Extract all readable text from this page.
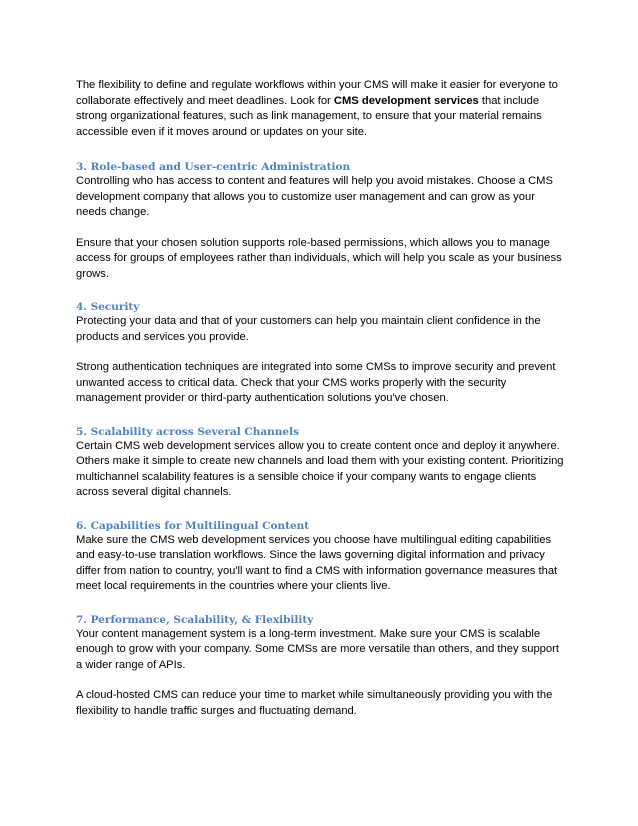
The flexibility to define and regulate workflows within your CMS will make it easier for everyone to collaborate effectively and meet deadlines. Look for CMS development services that include strong organizational features, such as link management, to ensure that your material remains accessible even if it moves around or updates on your site.

3. Role-based and User-centric Administration

Controlling who has access to content and features will help you avoid mistakes. Choose a CMS development company that allows you to customize user management and can grow as your needs change.

Ensure that your chosen solution supports role-based permissions, which allows you to manage access for groups of employees rather than individuals, which will help you scale as your business grows.

4. Security

Protecting your data and that of your customers can help you maintain client confidence in the products and services you provide.

Strong authentication techniques are integrated into some CMSs to improve security and prevent unwanted access to critical data. Check that your CMS works properly with the security management provider or third-party authentication solutions you've chosen.

5. Scalability across Several Channels

Certain CMS web development services allow you to create content once and deploy it anywhere. Others make it simple to create new channels and load them with your existing content. Prioritizing multichannel scalability features is a sensible choice if your company wants to engage clients across several digital channels.

6. Capabilities for Multilingual Content

Make sure the CMS web development services you choose have multilingual editing capabilities and easy-to-use translation workflows. Since the laws governing digital information and privacy differ from nation to country, you'll want to find a CMS with information governance measures that meet local requirements in the countries where your clients live.

7. Performance, Scalability, & Flexibility

Your content management system is a long-term investment. Make sure your CMS is scalable enough to grow with your company. Some CMSs are more versatile than others, and they support a wider range of APIs.

A cloud-hosted CMS can reduce your time to market while simultaneously providing you with the flexibility to handle traffic surges and fluctuating demand.
